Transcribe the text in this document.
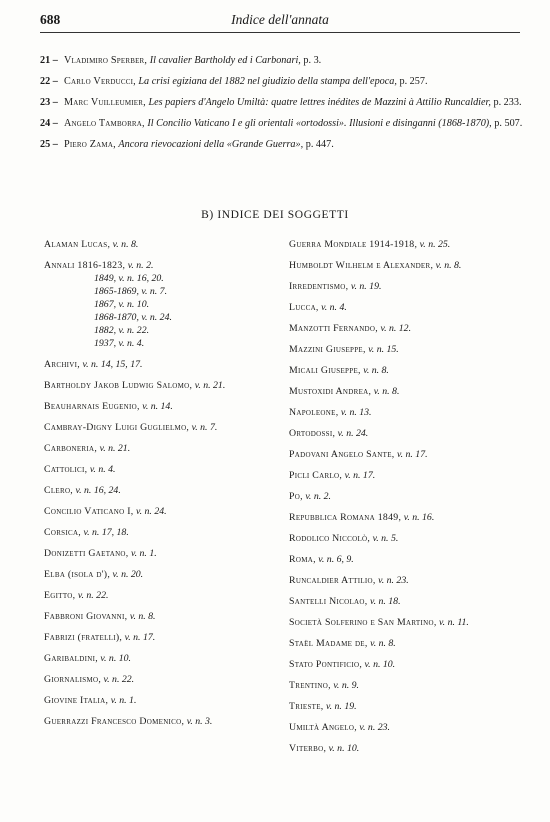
688	Indice dell'annata
21 – Vladimiro Sperber, Il cavalier Bartholdy ed i Carbonari, p. 3.
22 – Carlo Verducci, La crisi egiziana del 1882 nel giudizio della stampa dell'epoca, p. 257.
23 – Marc Vuilleumier, Les papiers d'Angelo Umiltà: quatre lettres inédites de Mazzini à Attilio Runcaldier, p. 233.
24 – Angelo Tamborra, Il Concilio Vaticano I e gli orientali «ortodossi». Illusioni e disinganni (1868-1870), p. 507.
25 – Piero Zama, Ancora rievocazioni della «Grande Guerra», p. 447.
B) INDICE DEI SOGGETTI
Alaman Lucas, v. n. 8.
Annali 1816-1823, v. n. 2.
1849, v. n. 16, 20.
1865-1869, v. n. 7.
1867, v. n. 10.
1868-1870, v. n. 24.
1882, v. n. 22.
1937, v. n. 4.
Archivi, v. n. 14, 15, 17.
Bartholdy Jakob Ludwig Salomo, v. n. 21.
Beauharnais Eugenio, v. n. 14.
Cambray-Digny Luigi Guglielmo, v. n. 7.
Carboneria, v. n. 21.
Cattolici, v. n. 4.
Clero, v. n. 16, 24.
Concilio Vaticano I, v. n. 24.
Corsica, v. n. 17, 18.
Donizetti Gaetano, v. n. 1.
Elba (isola d'), v. n. 20.
Egitto, v. n. 22.
Fabbroni Giovanni, v. n. 8.
Fabrizi (fratelli), v. n. 17.
Garibaldini, v. n. 10.
Giornalismo, v. n. 22.
Giovine Italia, v. n. 1.
Guerrazzi Francesco Domenico, v. n. 3.
Guerra Mondiale 1914-1918, v. n. 25.
Humboldt Wilhelm e Alexander, v. n. 8.
Irredentismo, v. n. 19.
Lucca, v. n. 4.
Manzotti Fernando, v. n. 12.
Mazzini Giuseppe, v. n. 15.
Micali Giuseppe, v. n. 8.
Mustoxidi Andrea, v. n. 8.
Napoleone, v. n. 13.
Ortodossi, v. n. 24.
Padovani Angelo Sante, v. n. 17.
Picli Carlo, v. n. 17.
Po, v. n. 2.
Repubblica Romana 1849, v. n. 16.
Rodolico Niccolò, v. n. 5.
Roma, v. n. 6, 9.
Runcaldier Attilio, v. n. 23.
Santelli Nicolao, v. n. 18.
Società Solferino e San Martino, v. n. 11.
Staël Madame de, v. n. 8.
Stato Pontificio, v. n. 10.
Trentino, v. n. 9.
Trieste, v. n. 19.
Umiltà Angelo, v. n. 23.
Viterbo, v. n. 10.
